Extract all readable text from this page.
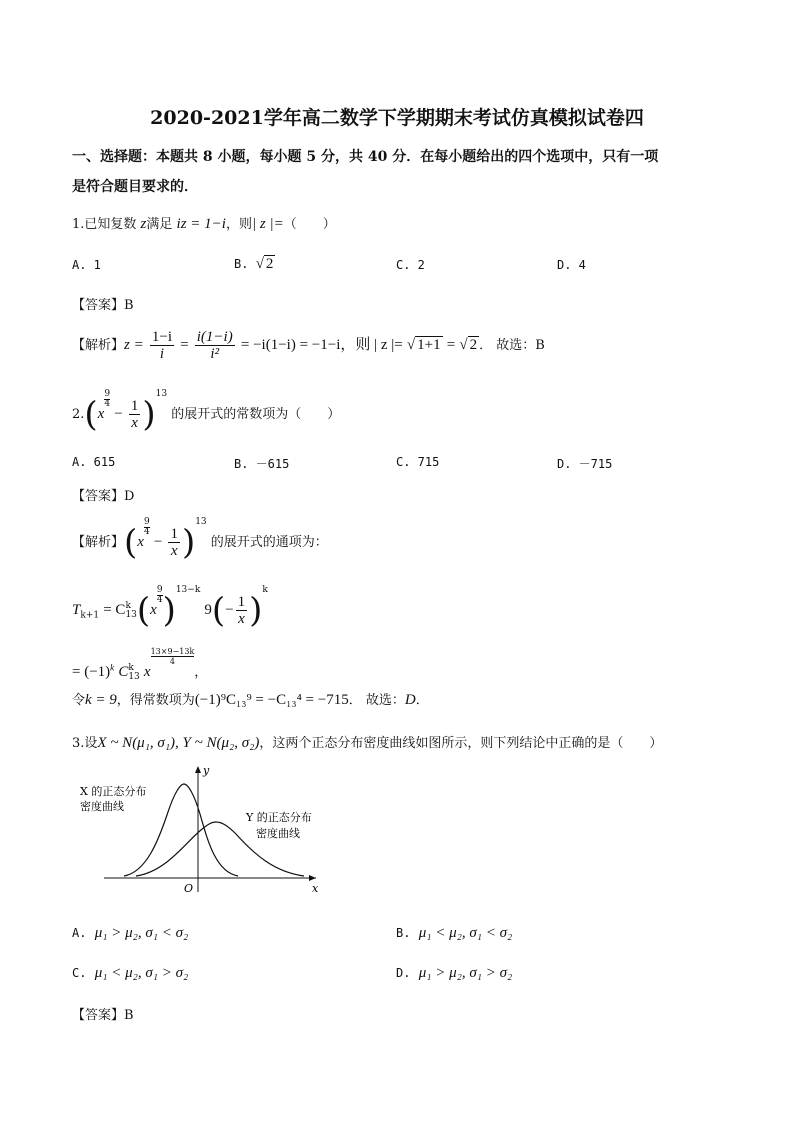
2020-2021学年高二数学下学期期末考试仿真模拟试卷四
一、选择题：本题共 8 小题，每小题 5 分，共 40 分．在每小题给出的四个选项中，只有一项
是符合题目要求的．
1.已知复数 z满足 iz = 1−i，则| z |=（　　）
A. 1	B. √ 2	C. 2	D. 4
【答案】B
【解析】$z = \frac{1-i}{i} = \frac{i(1-i)}{\text{i²}} = -i(1-i) = -1-i$，则 | z |= √ 1+1 = √ 2 ． 故选：B
2.(x
$^{\frac{9}{4}}$
− $\frac{1}{x} )^{13}$ 的展开式的常数项为（　　）
A. 615	B. －615	C. 715	D. －715
【答案】D
【解析】(x
$^{\frac{9}{4}}$
− $\frac{1}{x} )^{13}$ 的展开式的通项为：
$T_{k+1} = C$ k
13 (x
$^{\frac{9}{4}}$ )$^{13-k}$ $9(- \frac{1}{x} )^k$
= $(-1)^k$ C k
13 x
$^{\frac{13\times 9-13k}{4}}$
，
令k = 9，得常数项为(−1)⁹C₁₃⁹ = −C₁₃⁴ = −715． 故选：D．
3.设X ~ N(μ₁, σ₁), Y ~ N(μ₂, σ₂)，这两个正态分布密度曲线如图所示，则下列结论中正确的是（　　）
X 的正态分布
密度曲线
Y 的正态分布
密度曲线
y
x
O
A. μ₁ > μ₂, σ₁ < σ₂	B. μ₁ < μ₂, σ₁ < σ₂
C. μ₁ < μ₂, σ₁ > σ₂	D. μ₁ > μ₂, σ₁ > σ₂
【答案】B
